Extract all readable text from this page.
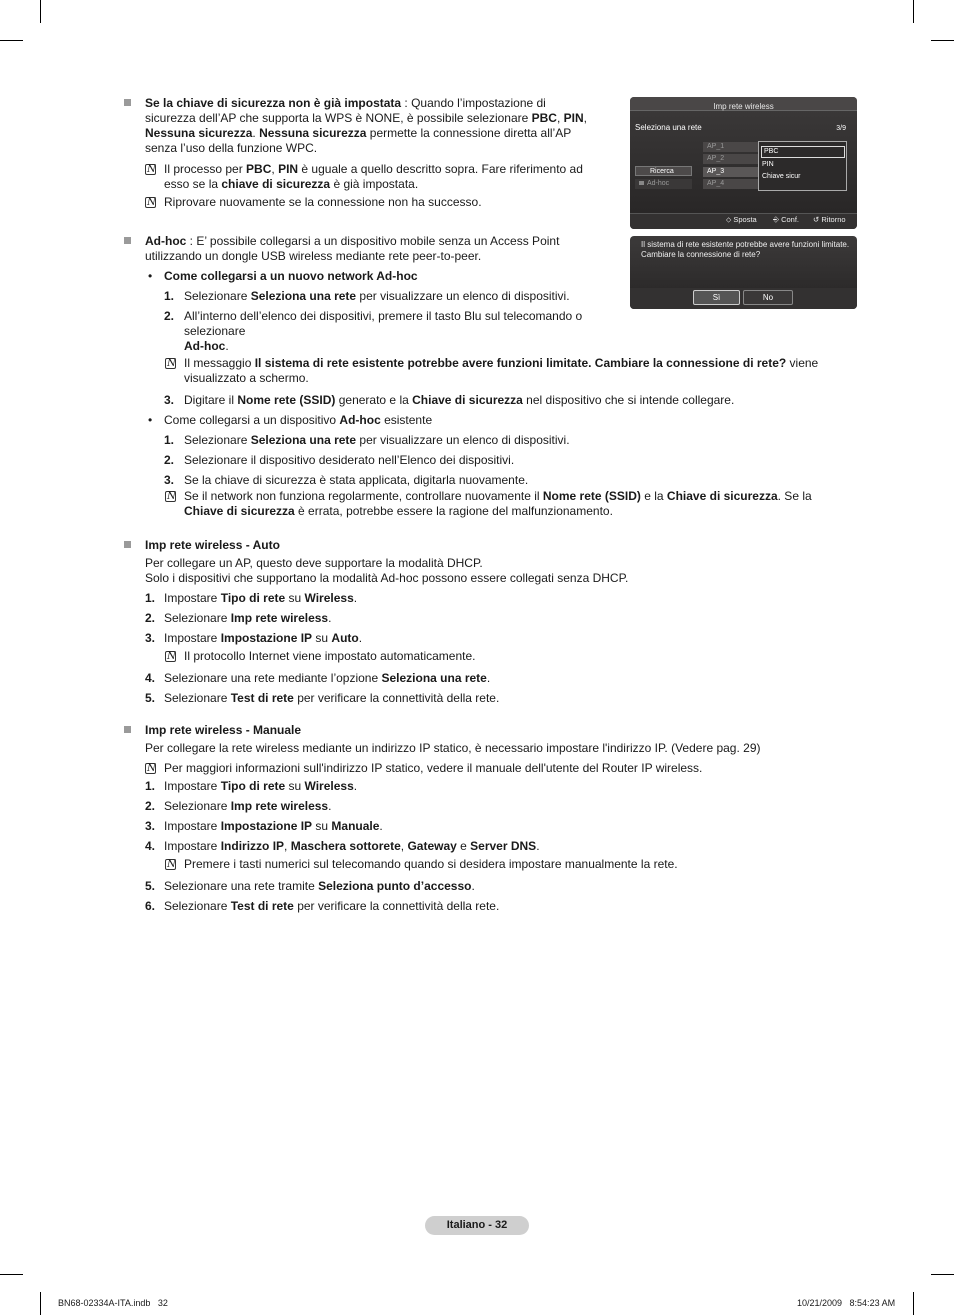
Se la chiave di sicurezza non è già impostata : Quando l’impostazione di
sicurezza dell’AP che supporta la WPS è NONE, è possibile selezionare PBC, PIN,
Nessuna sicurezza. Nessuna sicurezza permette la connessione diretta all’AP
senza l’uso della funzione WPC.
N
Il processo per PBC, PIN è uguale a quello descritto sopra. Fare riferimento ad
esso se la chiave di sicurezza è già impostata.
N
Riprovare nuovamente se la connessione non ha successo.
Imp rete wireless
Seleziona una rete	3/9
Ricerca
Ad-hoc
AP_1
AP_2
AP_3
AP_4
PBC
PIN
Chiave sicur
⬦ Sposta ⎆ Conf. ↺ Ritorno
Il sistema di rete esistente potrebbe avere funzioni limitate. Cambiare la connessione di rete?
Sì	No
Ad-hoc : E’ possibile collegarsi a un dispositivo mobile senza un Access Point
utilizzando un dongle USB wireless mediante rete peer-to-peer.
• Come collegarsi a un nuovo network Ad-hoc
1. Selezionare Seleziona una rete per visualizzare un elenco di dispositivi.
2. All’interno dell’elenco dei dispositivi, premere il tasto Blu sul telecomando o
selezionare
Ad-hoc.
N
Il messaggio Il sistema di rete esistente potrebbe avere funzioni limitate. Cambiare la connessione di rete? viene
visualizzato a schermo.
3. Digitare il Nome rete (SSID) generato e la Chiave di sicurezza nel dispositivo che si intende collegare.
• Come collegarsi a un dispositivo Ad-hoc esistente
1. Selezionare Seleziona una rete per visualizzare un elenco di dispositivi.
2. Selezionare il dispositivo desiderato nell’Elenco dei dispositivi.
3. Se la chiave di sicurezza è stata applicata, digitarla nuovamente.
N
Se il network non funziona regolarmente, controllare nuovamente il Nome rete (SSID) e la Chiave di sicurezza. Se la
Chiave di sicurezza è errata, potrebbe essere la ragione del malfunzionamento.
Imp rete wireless - Auto
Per collegare un AP, questo deve supportare la modalità DHCP.
Solo i dispositivi che supportano la modalità Ad-hoc possono essere collegati senza DHCP.
1. Impostare Tipo di rete su Wireless.
2. Selezionare Imp rete wireless.
3. Impostare Impostazione IP su Auto.
N
Il protocollo Internet viene impostato automaticamente.
4. Selezionare una rete mediante l’opzione Seleziona una rete.
5. Selezionare Test di rete per verificare la connettività della rete.
Imp rete wireless - Manuale
Per collegare la rete wireless mediante un indirizzo IP statico, è necessario impostare l'indirizzo IP. (Vedere pag. 29)
N
Per maggiori informazioni sull'indirizzo IP statico, vedere il manuale dell'utente del Router IP wireless.
1. Impostare Tipo di rete su Wireless.
2. Selezionare Imp rete wireless.
3. Impostare Impostazione IP su Manuale.
4. Impostare Indirizzo IP, Maschera sottorete, Gateway e Server DNS.
N
Premere i tasti numerici sul telecomando quando si desidera impostare manualmente la rete.
5. Selezionare una rete tramite Seleziona punto d’accesso.
6. Selezionare Test di rete per verificare la connettività della rete.
Italiano - 32
BN68-02334A-ITA.indb   32	10/21/2009   8:54:23 AM
